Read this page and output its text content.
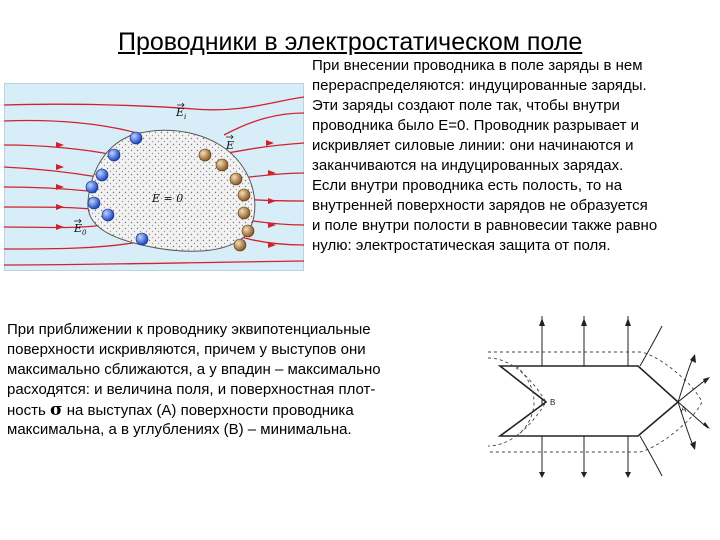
Проводники в электростатическом поле
При внесении проводника в поле заряды в нем
перераспределяются: индуцированные заряды.
Эти заряды создают поле так, чтобы внутри
проводника было Е=0. Проводник разрывает и
искривляет силовые линии: они начинаются и
заканчиваются на индуцированных зарядах.
Если внутри проводника есть полость, то на
внутренней поверхности зарядов не образуется
и поле внутри полости в равновесии также равно
нулю: электростатическая защита от поля.
При приближении к проводнику эквипотенциальные
поверхности искривляются, причем у выступов они
максимально сближаются, а у впадин – максимально
расходятся: и величина поля, и поверхностная плот-
ность σ на выступах (А) поверхности проводника
максимальна, а в углублениях (В) – минимальна.
$E_i$
E
E = 0
$E_0$
B
A
